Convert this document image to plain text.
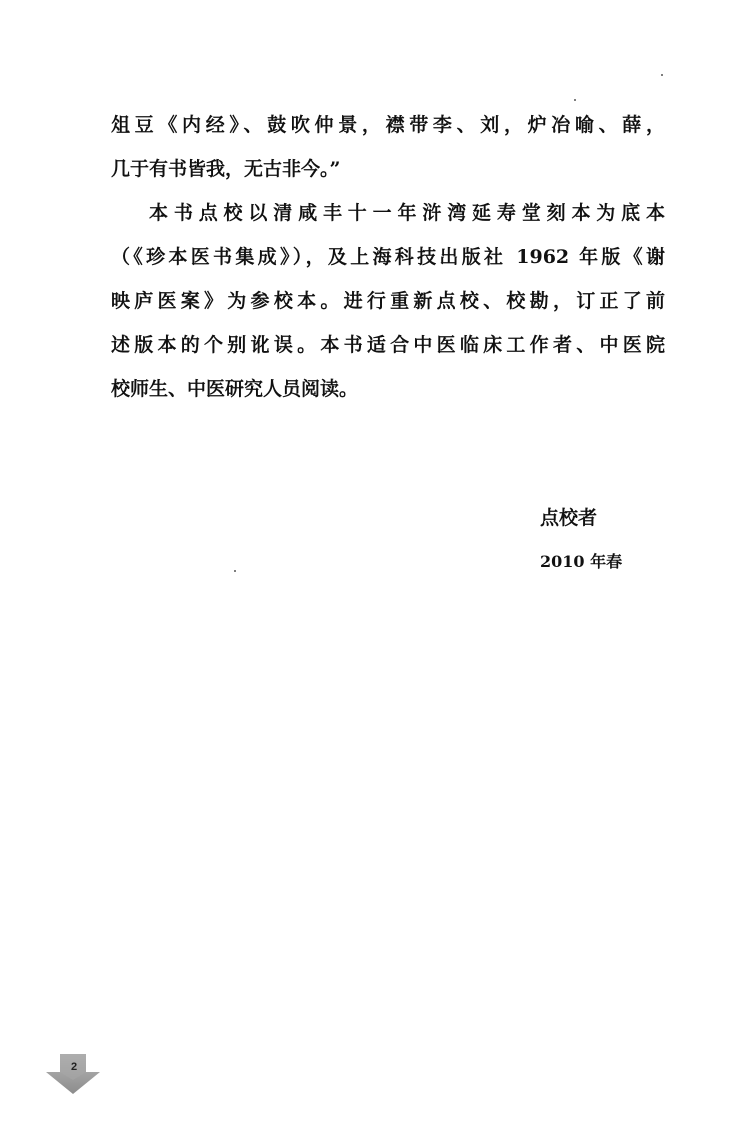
俎豆《内经》、鼓吹仲景，襟带李、刘，炉冶喻、薛，

几于有书皆我，无古非今。”

本书点校以清咸丰十一年浒湾延寿堂刻本为底本

（《珍本医书集成》），及上海科技出版社 1962 年版《谢

映庐医案》为参校本。进行重新点校、校勘，订正了前

述版本的个别讹误。本书适合中医临床工作者、中医院

校师生、中医研究人员阅读。

点校者
2010 年春
2
